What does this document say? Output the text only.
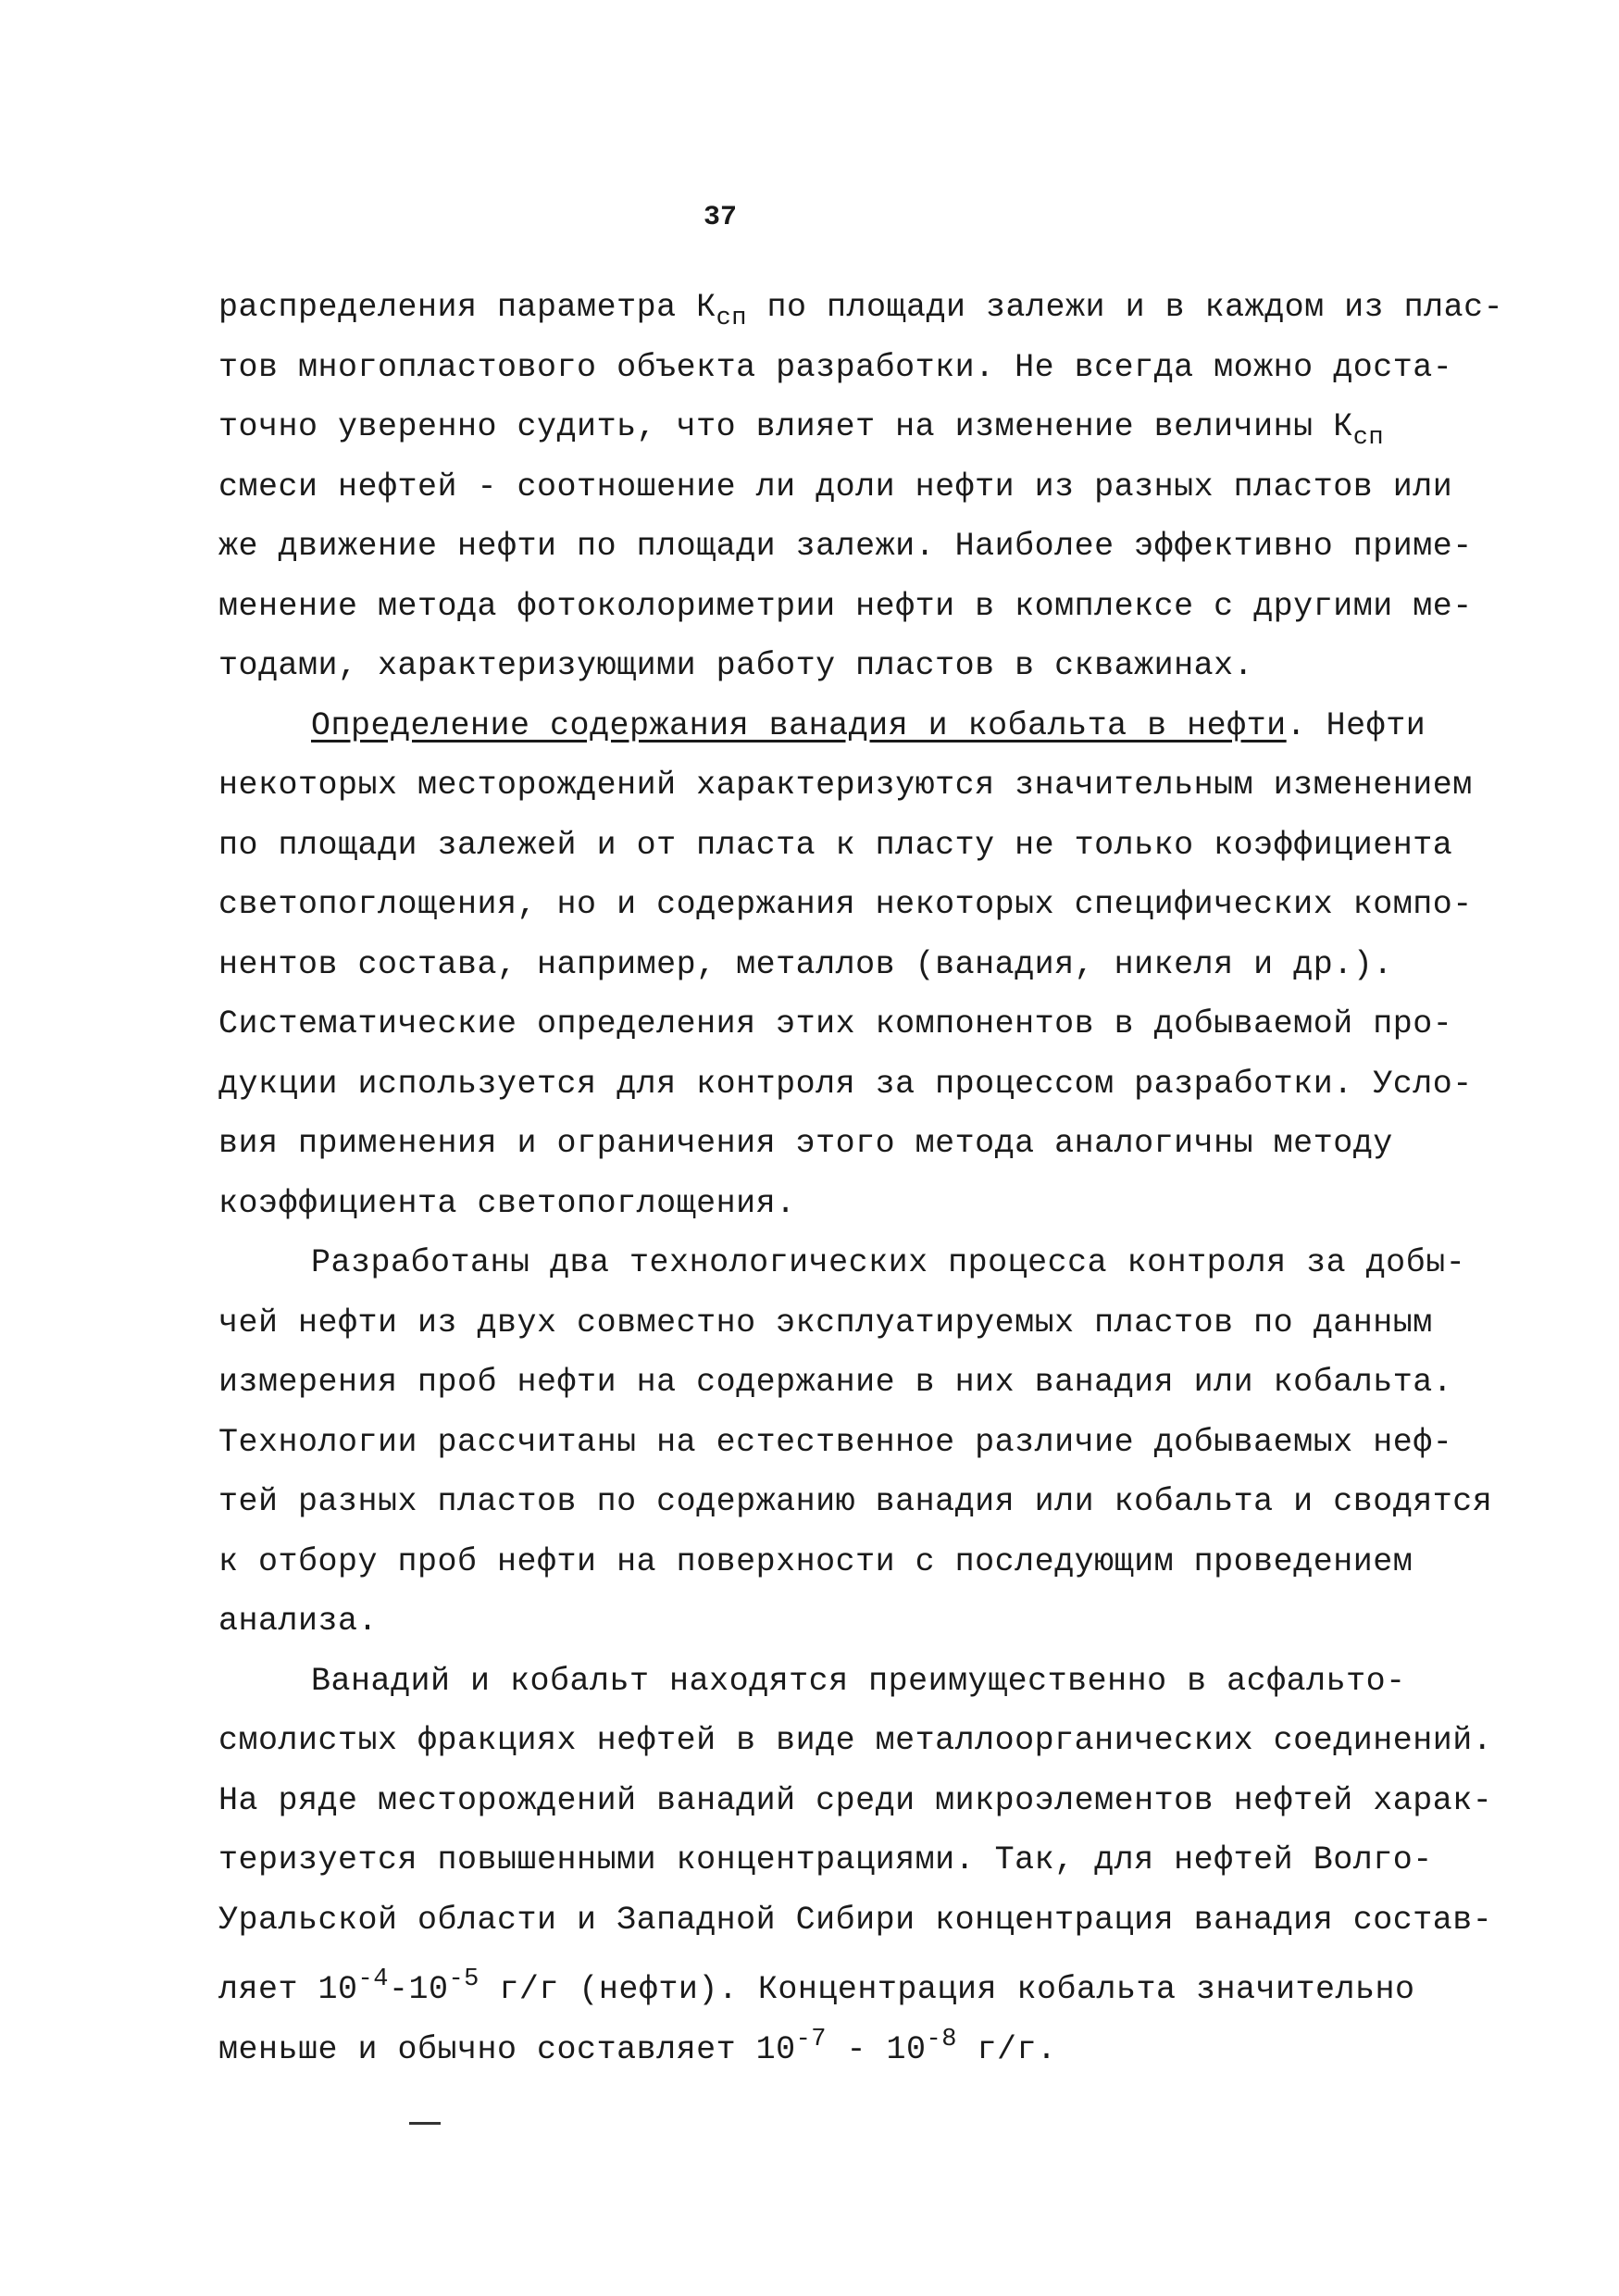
37
распределения параметра $К_{сп}$ по площади залежи и в каждом из плас-
тов многопластового объекта разработки. Не всегда можно доста-
точно уверенно судить, что влияет на изменение величины $К_{сп}$
смеси нефтей - соотношение ли доли нефти из разных пластов или
же движение нефти по площади залежи. Наиболее эффективно приме-
менение метода фотоколориметрии нефти в комплексе с другими ме-
тодами, характеризующими работу пластов в скважинах.
Определение содержания ванадия и кобальта в нефти. Нефти
некоторых месторождений характеризуются значительным изменением
по площади залежей и от пласта к пласту не только коэффициента
светопоглощения, но и содержания некоторых специфических компо-
нентов состава, например, металлов (ванадия, никеля и др.).
Систематические определения этих компонентов в добываемой про-
дукции используется для контроля за процессом разработки. Усло-
вия применения и ограничения этого метода аналогичны методу
коэффициента светопоглощения.
Разработаны два технологических процесса контроля за добы-
чей нефти из двух совместно эксплуатируемых пластов по данным
измерения проб нефти на содержание в них ванадия или кобальта.
Технологии рассчитаны на естественное различие добываемых неф-
тей разных пластов по содержанию ванадия или кобальта и сводятся
к отбору проб нефти на поверхности с последующим проведением
анализа.
Ванадий и кобальт находятся преимущественно в асфальто-
смолистых фракциях нефтей в виде металлоорганических соединений.
На ряде месторождений ванадий среди микроэлементов нефтей харак-
теризуется повышенными концентрациями. Так, для нефтей Волго-
Уральской области и Западной Сибири концентрация ванадия состав-
ляет $10^{-4}-10^{-5}$ г/г (нефти). Концентрация кобальта значительно
меньше и обычно составляет $10^{-7} - 10^{-8}$ г/г.
